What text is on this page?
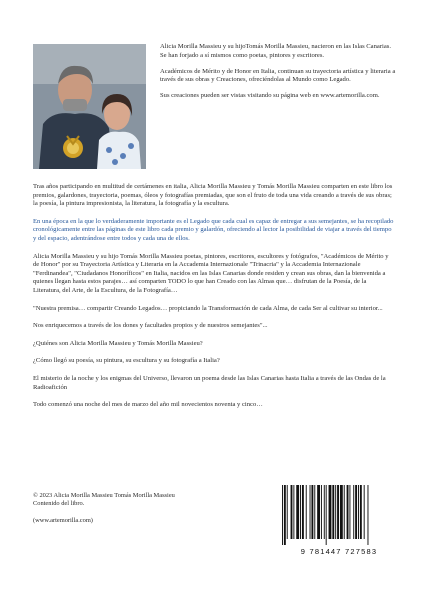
Alicia Morilla Massieu y su hijoTomás Morilla Massieu, nacieron en las Islas Canarias. Se han forjado a sí mismos como poetas, pintores y escritores.

Académicos de Mérito y de Honor en Italia, continuan su trayectoria artística y literaria a través de sus obras y Creaciones, ofreciéndolas al Mundo como Legado.

Sus creaciones pueden ser vistas visitando su página web en www.artemorilla.com.

Tras años participando en multitud de certámenes en italia, Alicia Morilla Massieu y Tomás Morilla Massieu comparten en este libro los premios, galardones, trayectoria, poemas, óleos y fotografías premiadas, que son el fruto de toda una vida creando a través de sus obras; la poesía, la pintura impresionista, la literatura, la fotografía y la escultura.

En una época en la que lo verdaderamente importante es el Legado que cada cual es capaz de entregar a sus semejantes, se ha recopilado cronológicamente entre las páginas de este libro cada premio y galardón, ofreciendo al lector la posibilidad de viajar a través del tiempo y del espacio, adentrándose entre todos y cada una de ellos.

Alicia Morilla Massieu y su hijo Tomás Morilla Massieu poetas, pintores, escritores, escultores y fotógrafos, "Académicos de Mérito y de Honor" por su Trayectoria Artística y Literaria en la Accademia Internazionale "Trinacria" y la Accademia Internazionale "Ferdinandea", "Ciudadanos Honoríficos" en Italia, nacidos en las Islas Canarias donde residen y crean sus obras, dan la bienvenida a quienes llegan hasta estos parajes… así comparten TODO lo que han Creado con las Almas que… disfrutan de la Poesía, de la Literatura, del Arte, de la Escultura, de la Fotografía…

"Nuestra premisa… compartir Creando Legados… propiciando la Transformación de cada Alma, de cada Ser al cultivar su interior...

Nos enriquecemos a través de los dones y facultades propios y de nuestros semejantes"...

¿Quiénes son Alicia Morilla Massieu y Tomás Morilla Massieu?

¿Cómo llegó su poesía, su pintura, su escultura y su fotografía a Italia?

El misterio de la noche y los enigmas del Universo, llevaron un poema desde las Islas Canarias hasta Italia a través de las Ondas de la Radioafición

Todo comenzó una noche del mes de marzo del año mil novecientos noventa y cinco…

© 2023 Alicia Morilla Massieu Tomás Morilla Massieu

Contenido del libro.

(www.artemorilla.com)

9 781447 727583
